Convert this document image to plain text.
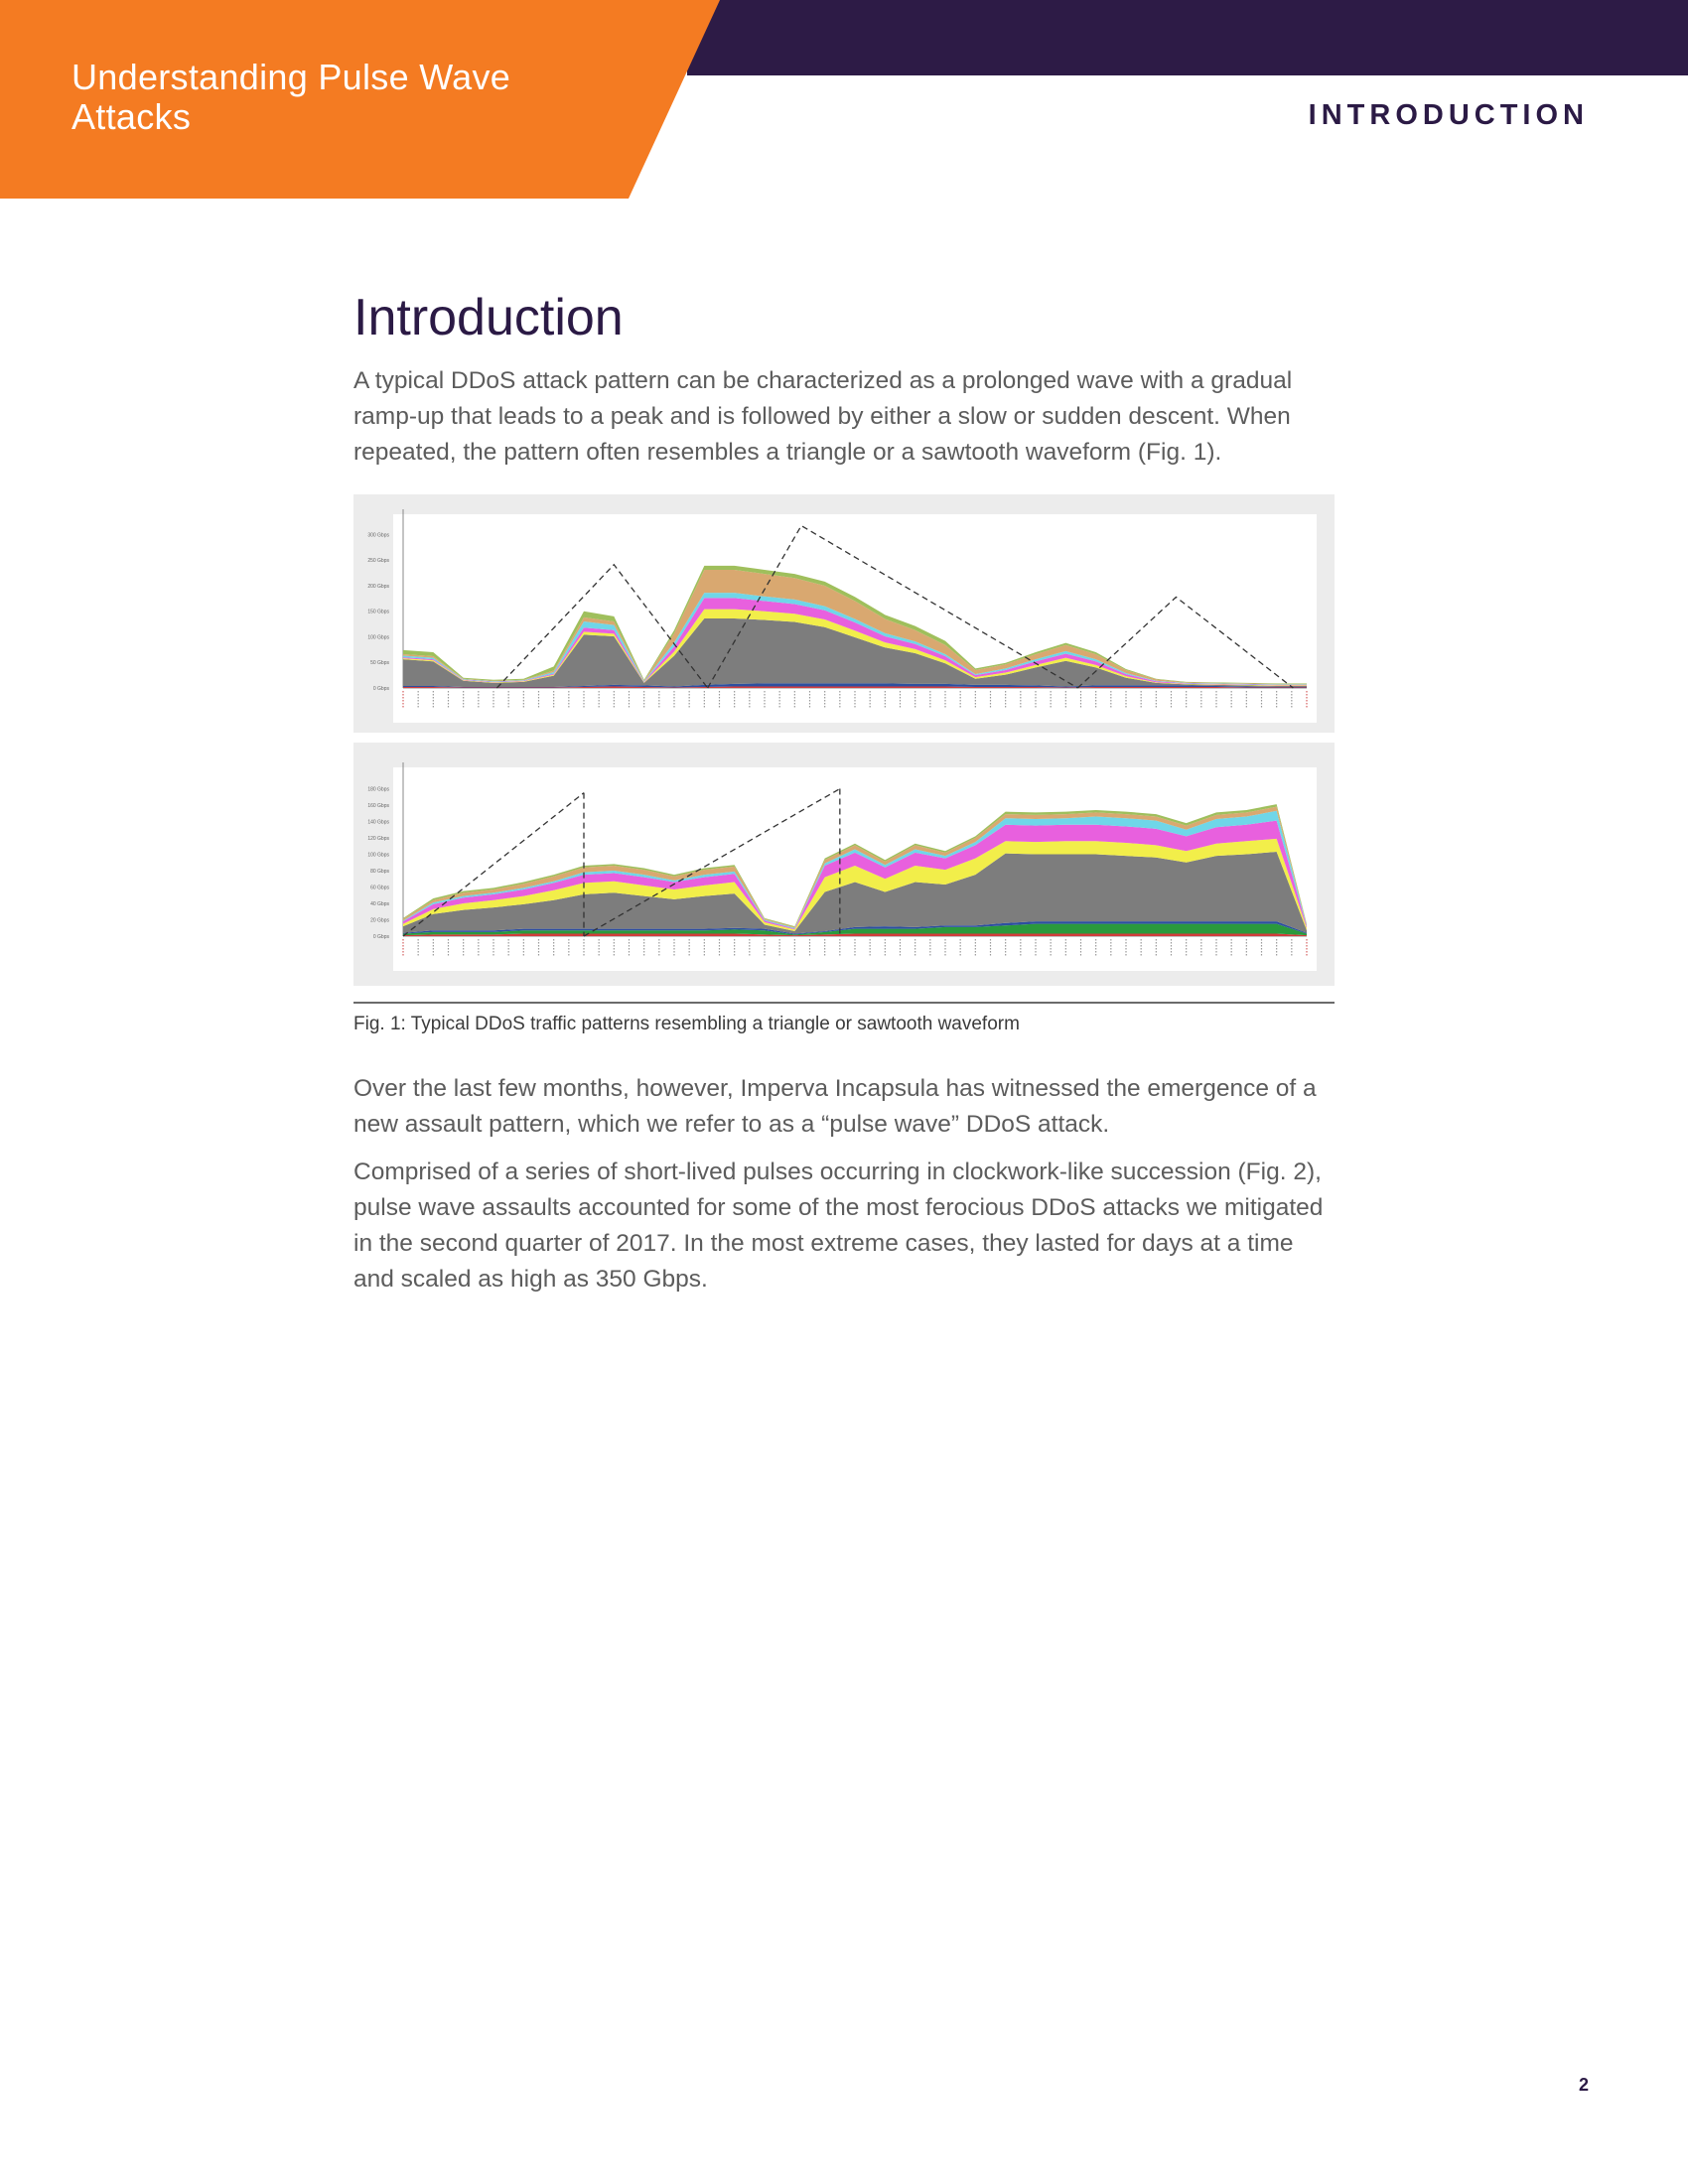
Understanding Pulse Wave Attacks	INTRODUCTION
Introduction

A typical DDoS attack pattern can be characterized as a prolonged wave with a gradual ramp-up that leads to a peak and is followed by either a slow or sudden descent. When repeated, the pattern often resembles a triangle or a sawtooth waveform (Fig. 1).

0 Gbps
50 Gbps
100 Gbps
150 Gbps
200 Gbps
250 Gbps
300 Gbps
0 Gbps
20 Gbps
40 Gbps
60 Gbps
80 Gbps
100 Gbps
120 Gbps
140 Gbps
160 Gbps
180 Gbps
Fig. 1: Typical DDoS traffic patterns resembling a triangle or sawtooth waveform

Over the last few months, however, Imperva Incapsula has witnessed the emergence of a new assault pattern, which we refer to as a “pulse wave” DDoS attack.

Comprised of a series of short-lived pulses occurring in clockwork-like succession (Fig. 2), pulse wave assaults accounted for some of the most ferocious DDoS attacks we mitigated in the second quarter of 2017. In the most extreme cases, they lasted for days at a time and scaled as high as 350 Gbps.

2
